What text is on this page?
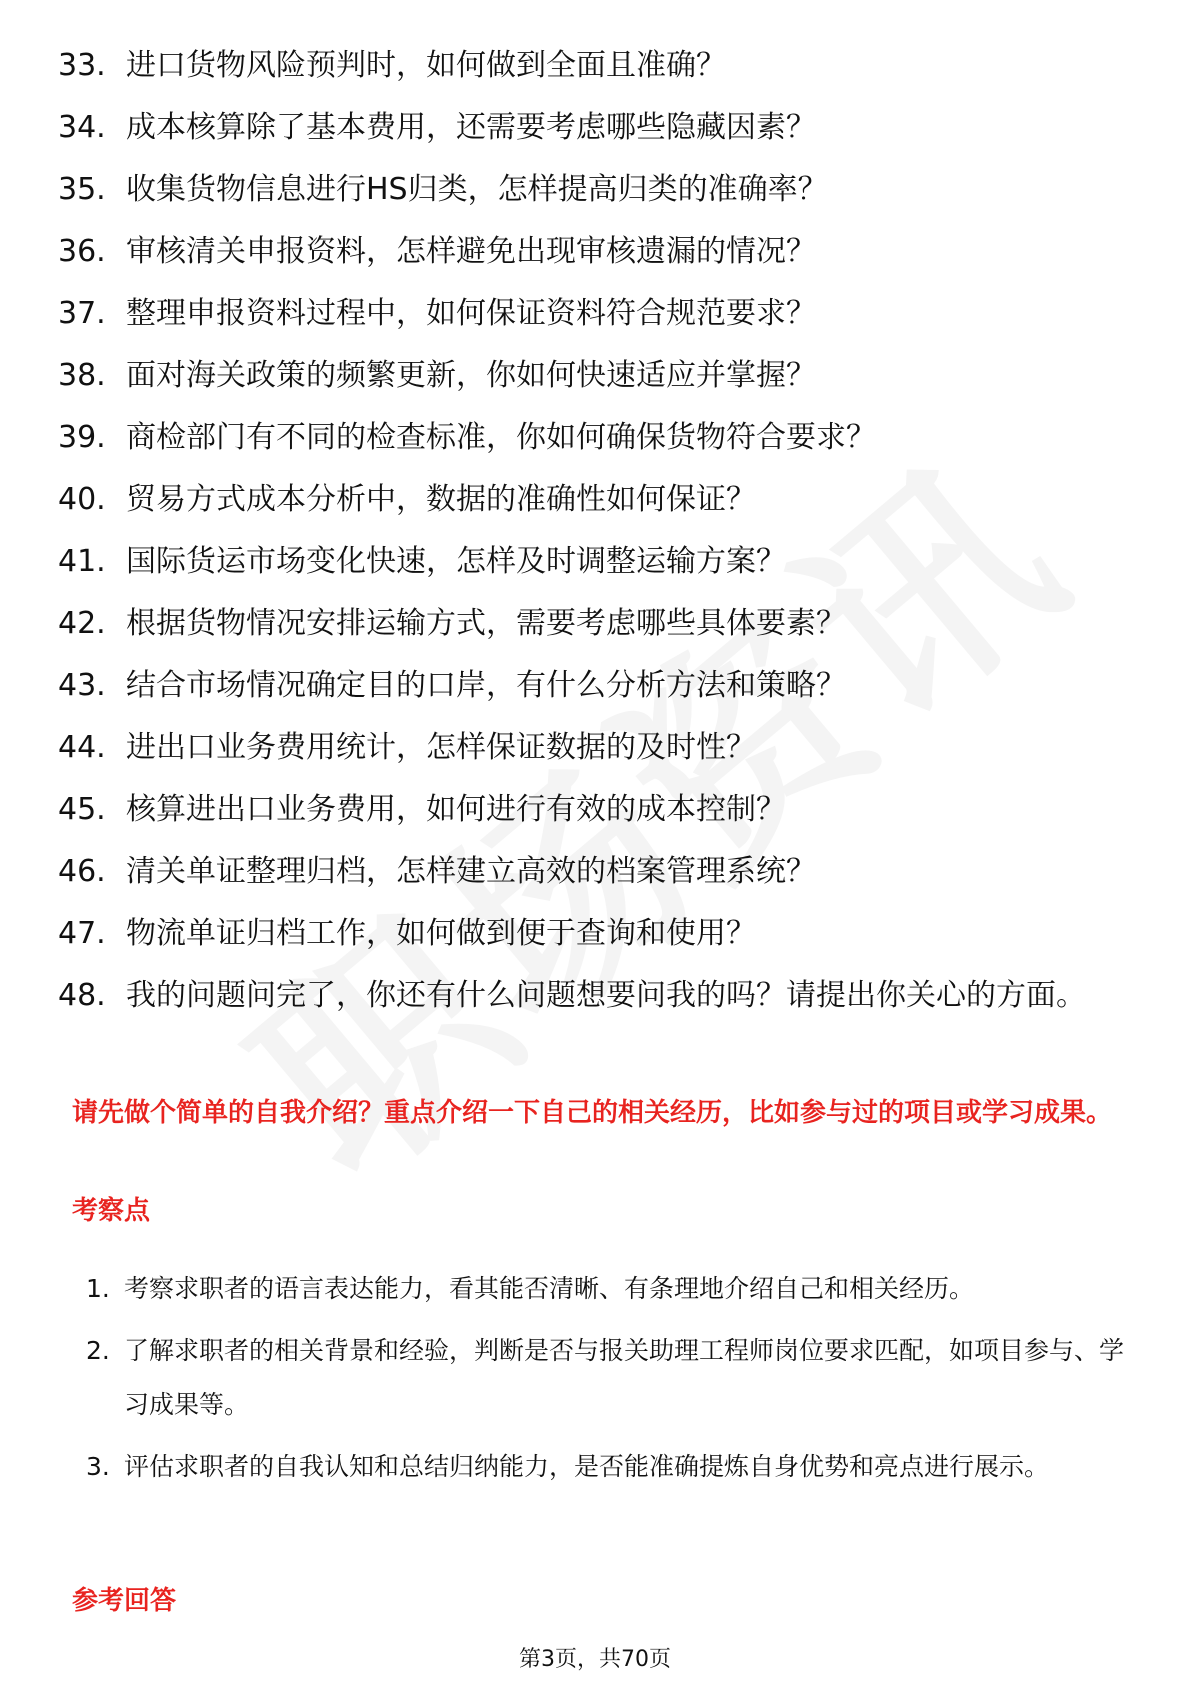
33. 进口货物风险预判时，如何做到全面且准确？
34. 成本核算除了基本费用，还需要考虑哪些隐藏因素？
35. 收集货物信息进行HS归类，怎样提高归类的准确率？
36. 审核清关申报资料，怎样避免出现审核遗漏的情况？
37. 整理申报资料过程中，如何保证资料符合规范要求？
38. 面对海关政策的频繁更新，你如何快速适应并掌握？
39. 商检部门有不同的检查标准，你如何确保货物符合要求？
40. 贸易方式成本分析中，数据的准确性如何保证？
41. 国际货运市场变化快速，怎样及时调整运输方案？
42. 根据货物情况安排运输方式，需要考虑哪些具体要素？
43. 结合市场情况确定目的口岸，有什么分析方法和策略？
44. 进出口业务费用统计，怎样保证数据的及时性？
45. 核算进出口业务费用，如何进行有效的成本控制？
46. 清关单证整理归档，怎样建立高效的档案管理系统？
47. 物流单证归档工作，如何做到便于查询和使用？
48. 我的问题问完了，你还有什么问题想要问我的吗？请提出你关心的方面。
请先做个简单的自我介绍？重点介绍一下自己的相关经历，比如参与过的项目或学习成果。
考察点
1. 考察求职者的语言表达能力，看其能否清晰、有条理地介绍自己和相关经历。
2. 了解求职者的相关背景和经验，判断是否与报关助理工程师岗位要求匹配，如项目参与、学习成果等。
3. 评估求职者的自我认知和总结归纳能力，是否能准确提炼自身优势和亮点进行展示。
参考回答
第3页，共70页
